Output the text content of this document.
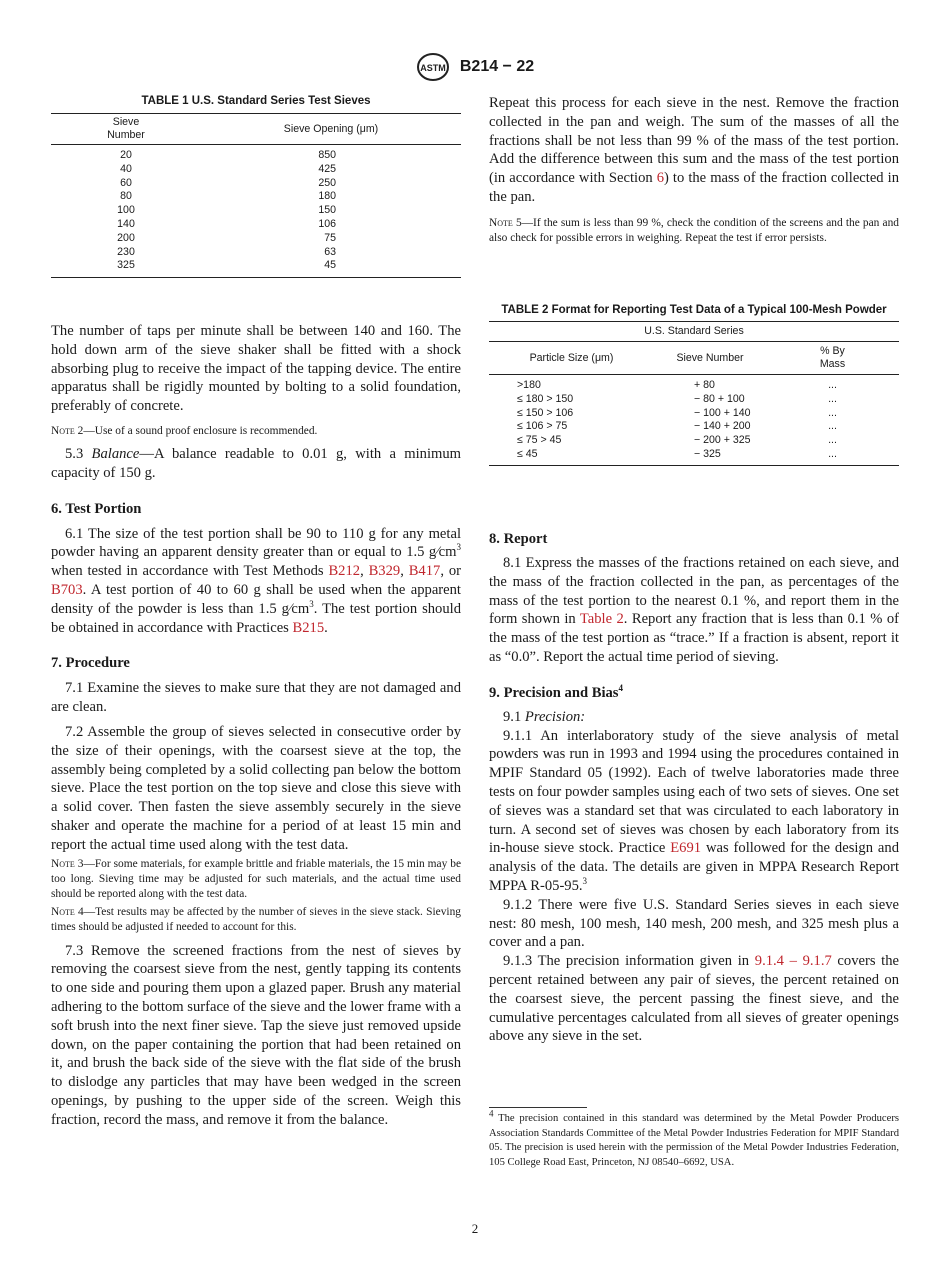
ASTM B214 − 22
TABLE 1 U.S. Standard Series Test Sieves
Sieve
Number	Sieve Opening (μm)
20	850
40	425
60	250
80	180
100	150
140	106
200	75
230	63
325	45

The number of taps per minute shall be between 140 and 160. The hold down arm of the sieve shaker shall be fitted with a shock absorbing plug to receive the impact of the tapping device. The entire apparatus shall be rigidly mounted by bolting to a solid foundation, preferably of concrete.

Note 2—Use of a sound proof enclosure is recommended.

5.3 Balance—A balance readable to 0.01 g, with a minimum capacity of 150 g.

6. Test Portion

6.1 The size of the test portion shall be 90 to 110 g for any metal powder having an apparent density greater than or equal to 1.5 $g⁄cm^3$ when tested in accordance with Test Methods B212, B329, B417, or B703. A test portion of 40 to 60 g shall be used when the apparent density of the powder is less than 1.5 $g⁄cm^3$. The test portion should be obtained in accordance with Practices B215.

7. Procedure

7.1 Examine the sieves to make sure that they are not damaged and are clean.

7.2 Assemble the group of sieves selected in consecutive order by the size of their openings, with the coarsest sieve at the top, the assembly being completed by a solid collecting pan below the bottom sieve. Place the test portion on the top sieve and close this sieve with a solid cover. Then fasten the sieve assembly securely in the sieve shaker and operate the machine for a period of at least 15 min and report the actual time used along with the test data.

Note 3—For some materials, for example brittle and friable materials, the 15 min may be too long. Sieving time may be adjusted for such materials, and the actual time used should be reported along with the test data.

Note 4—Test results may be affected by the number of sieves in the sieve stack. Sieving times should be adjusted if needed to account for this.

7.3 Remove the screened fractions from the nest of sieves by removing the coarsest sieve from the nest, gently tapping its contents to one side and pouring them upon a glazed paper. Brush any material adhering to the bottom surface of the sieve and the lower frame with a soft brush into the next finer sieve. Tap the sieve just removed upside down, on the paper containing the portion that had been retained on it, and brush the back side of the sieve with the flat side of the brush to dislodge any particles that may have been wedged in the screen openings, by pushing to the upper side of the screen. Weigh this fraction, record the mass, and remove it from the balance.

Repeat this process for each sieve in the nest. Remove the fraction collected in the pan and weigh. The sum of the masses of all the fractions shall be not less than 99 % of the mass of the test portion. Add the difference between this sum and the mass of the test portion (in accordance with Section 6) to the mass of the fraction collected in the pan.

Note 5—If the sum is less than 99 %, check the condition of the screens and the pan and also check for possible errors in weighing. Repeat the test if error persists.

TABLE 2 Format for Reporting Test Data of a Typical 100-Mesh Powder
U.S. Standard Series		
Particle Size (μm)	Sieve Number	% By
Mass
>180	+ 80	...
≤ 180 > 150	− 80 + 100	...
≤ 150 > 106	− 100 + 140	...
≤ 106 > 75	− 140 + 200	...
≤ 75 > 45	− 200 + 325	...
≤ 45	− 325	...
8. Report

8.1 Express the masses of the fractions retained on each sieve, and the mass of the fraction collected in the pan, as percentages of the mass of the test portion to the nearest 0.1 %, and report them in the form shown in Table 2. Report any fraction that is less than 0.1 % of the mass of the test portion as “trace.” If a fraction is absent, report it as “0.0”. Report the actual time period of sieving.

9. Precision and Bias$^4$

9.1 Precision:

9.1.1 An interlaboratory study of the sieve analysis of metal powders was run in 1993 and 1994 using the procedures contained in MPIF Standard 05 (1992). Each of twelve laboratories made three tests on four powder samples using each of two sets of sieves. One set of sieves was a standard set that was circulated to each laboratory in turn. A second set of sieves was chosen by each laboratory from its in-house sieve stock. Practice E691 was followed for the design and analysis of the data. The details are given in MPPA Research Report MPPA R-05-95.$^3$

9.1.2 There were five U.S. Standard Series sieves in each sieve nest: 80 mesh, 100 mesh, 140 mesh, 200 mesh, and 325 mesh plus a cover and a pan.

9.1.3 The precision information given in 9.1.4 – 9.1.7 covers the percent retained between any pair of sieves, the percent retained on the coarsest sieve, the percent passing the finest sieve, and the cumulative percentages calculated from all sieves of greater openings above any sieve in the set.

$^4$ The precision contained in this standard was determined by the Metal Powder Producers Association Standards Committee of the Metal Powder Industries Federation for MPIF Standard 05. The precision is used herein with the permission of the Metal Powder Industries Federation, 105 College Road East, Princeton, NJ 08540–6692, USA.

2
